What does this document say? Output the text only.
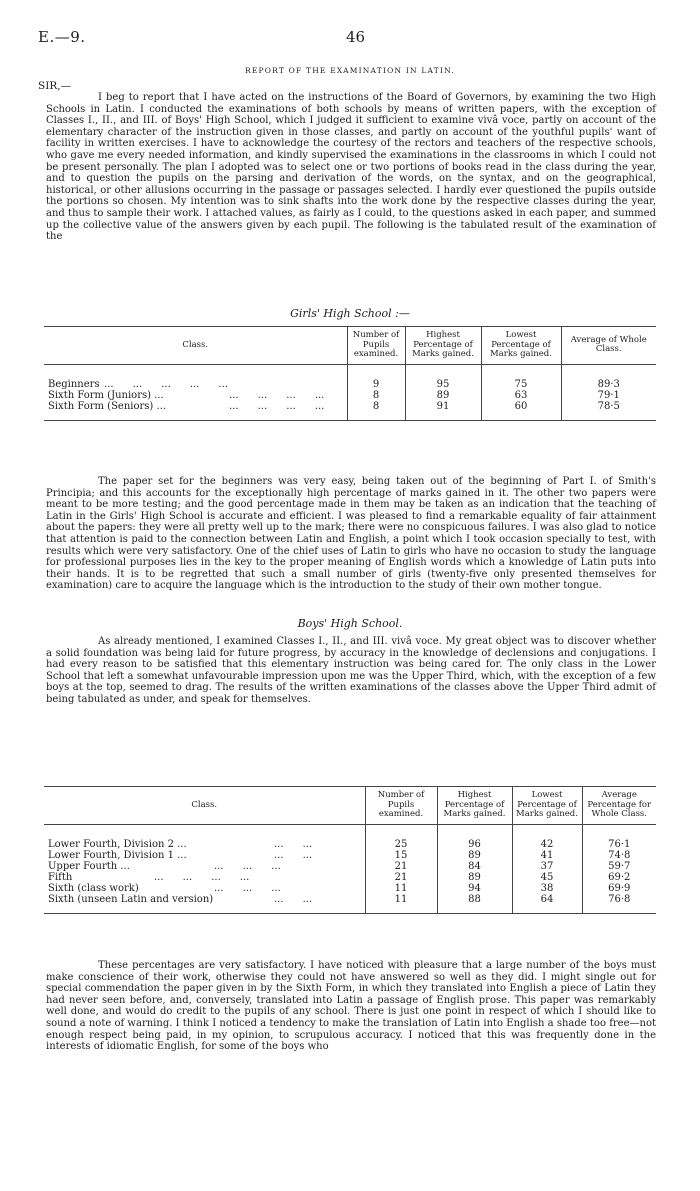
E.—9.	46
REPORT OF THE EXAMINATION IN LATIN.
SIR,—

I beg to report that I have acted on the instructions of the Board of Governors, by examining the two High Schools in Latin. I conducted the examinations of both schools by means of written papers, with the exception of Classes I., II., and III. of Boys' High School, which I judged it sufficient to examine vivâ voce, partly on account of the elementary character of the instruction given in those classes, and partly on account of the youthful pupils' want of facility in written exercises. I have to acknowledge the courtesy of the rectors and teachers of the respective schools, who gave me every needed information, and kindly supervised the examinations in the classrooms in which I could not be present personally. The plan I adopted was to select one or two portions of books read in the class during the year, and to question the pupils on the parsing and derivation of the words, on the syntax, and on the geographical, historical, or other allusions occurring in the passage or passages selected. I hardly ever questioned the pupils outside the portions so chosen. My intention was to sink shafts into the work done by the respective classes during the year, and thus to sample their work. I attached values, as fairly as I could, to the questions asked in each paper, and summed up the collective value of the answers given by each pupil. The following is the tabulated result of the examination of the

Girls' High School :—
Class.	Number of Pupils examined.	Highest Percentage of Marks gained.	Lowest Percentage of Marks gained.	Average of Whole Class.

Beginners ...      ...      ...      ...      ...	9	95	75	89·3
Sixth Form (Juniors) ... ...      ...      ...      ...	8	89	63	79·1
Sixth Form (Seniors) ... ...      ...      ...      ...	8	91	60	78·5

The paper set for the beginners was very easy, being taken out of the beginning of Part I. of Smith's Principia; and this accounts for the exceptionally high percentage of marks gained in it. The other two papers were meant to be more testing; and the good percentage made in them may be taken as an indication that the teaching of Latin in the Girls' High School is accurate and efficient. I was pleased to find a remarkable equality of fair attainment about the papers: they were all pretty well up to the mark; there were no conspicuous failures. I was also glad to notice that attention is paid to the connection between Latin and English, a point which I took occasion specially to test, with results which were very satisfactory. One of the chief uses of Latin to girls who have no occasion to study the language for professional purposes lies in the key to the proper meaning of English words which a knowledge of Latin puts into their hands. It is to be regretted that such a small number of girls (twenty-five only presented themselves for examination) care to acquire the language which is the introduction to the study of their own mother tongue.

Boys' High School.

As already mentioned, I examined Classes I., II., and III. vivâ voce. My great object was to discover whether a solid foundation was being laid for future progress, by accuracy in the knowledge of declensions and conjugations. I had every reason to be satisfied that this elementary instruction was being cared for. The only class in the Lower School that left a somewhat unfavourable impression upon me was the Upper Third, which, with the exception of a few boys at the top, seemed to drag. The results of the written examinations of the classes above the Upper Third admit of being tabulated as under, and speak for themselves.

Class.	Number of Pupils examined.	Highest Percentage of Marks gained.	Lowest Percentage of Marks gained.	Average Percentage for Whole Class.

Lower Fourth, Division 2 ... ...      ...	25	96	42	76·1
Lower Fourth, Division 1 ... ...      ...	15	89	41	74·8
Upper Fourth ... ...      ...      ...	21	84	37	59·7
Fifth ...      ...      ...      ...	21	89	45	69·2
Sixth (class work) ...      ...      ...	11	94	38	69·9
Sixth (unseen Latin and version) ...      ...	11	88	64	76·8

These percentages are very satisfactory. I have noticed with pleasure that a large number of the boys must make conscience of their work, otherwise they could not have answered so well as they did. I might single out for special commendation the paper given in by the Sixth Form, in which they translated into English a piece of Latin they had never seen before, and, conversely, translated into Latin a passage of English prose. This paper was remarkably well done, and would do credit to the pupils of any school. There is just one point in respect of which I should like to sound a note of warning. I think I noticed a tendency to make the translation of Latin into English a shade too free—not enough respect being paid, in my opinion, to scrupulous accuracy. I noticed that this was frequently done in the interests of idiomatic English, for some of the boys who
